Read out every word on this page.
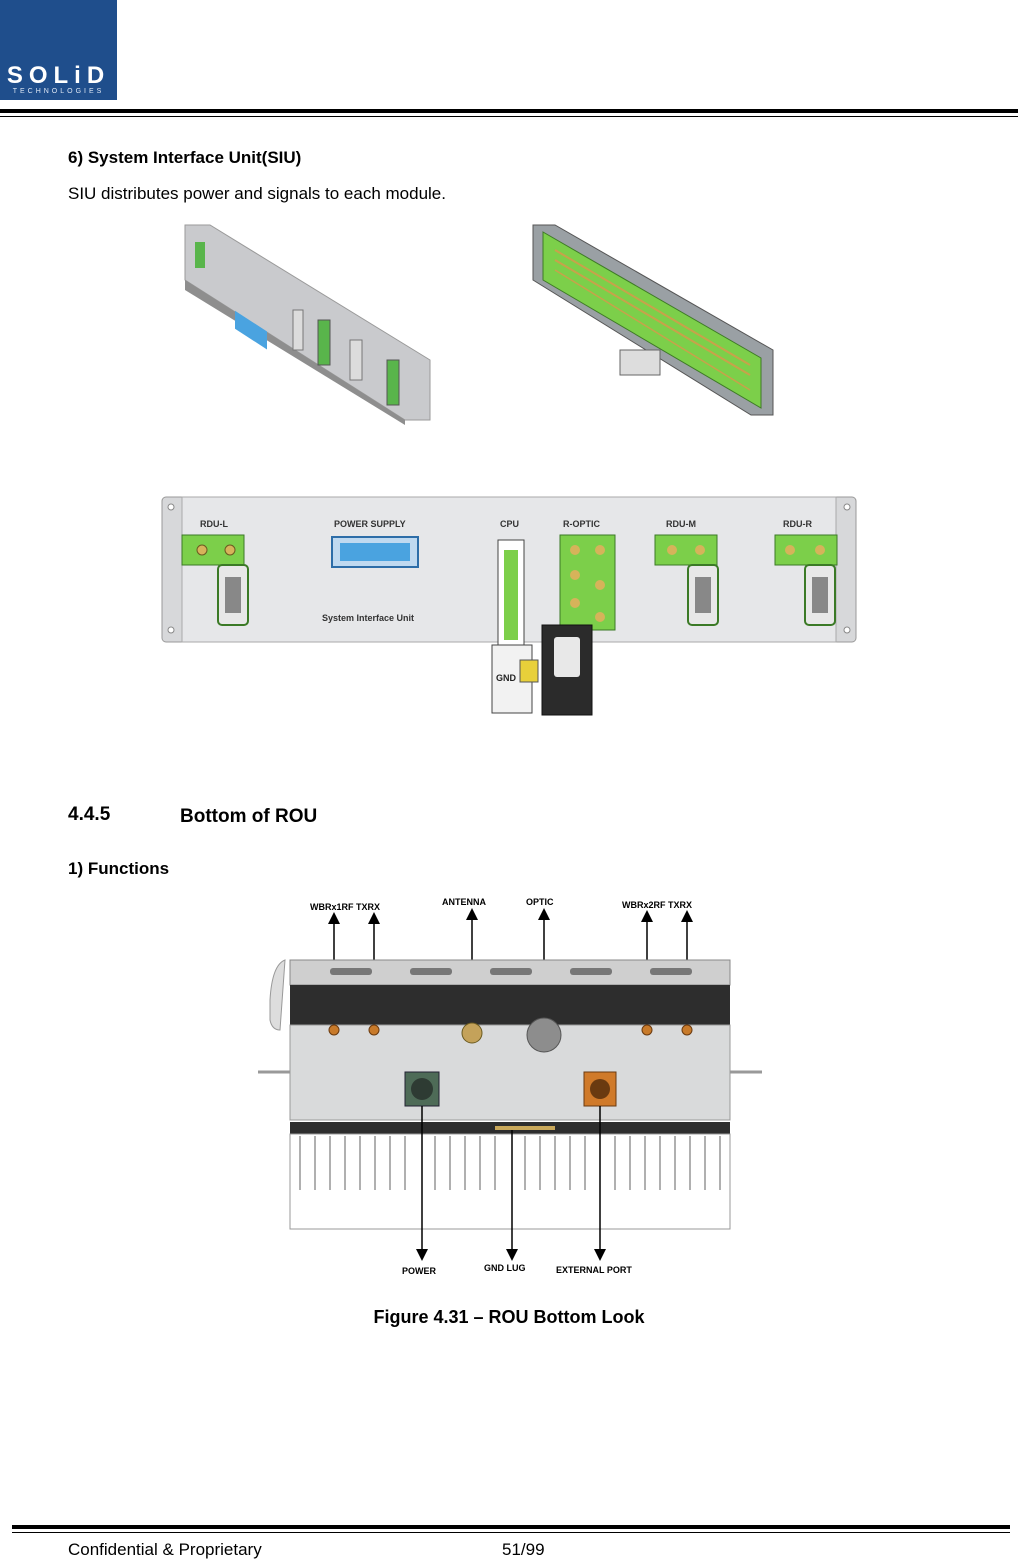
SOLiD
TECHNOLOGIES
6) System Interface Unit(SIU)
SIU distributes power and signals to each module.
RDU-L	POWER SUPPLY	CPU	R-OPTIC	RDU-M	RDU-R
System Interface Unit
GND
4.4.5	Bottom of ROU
1) Functions
WBRx1RF TXRX	ANTENNA	OPTIC	WBRx2RF TXRX
POWER	GND LUG	EXTERNAL PORT
Figure 4.31 – ROU Bottom Look
Confidential & Proprietary	51/99
